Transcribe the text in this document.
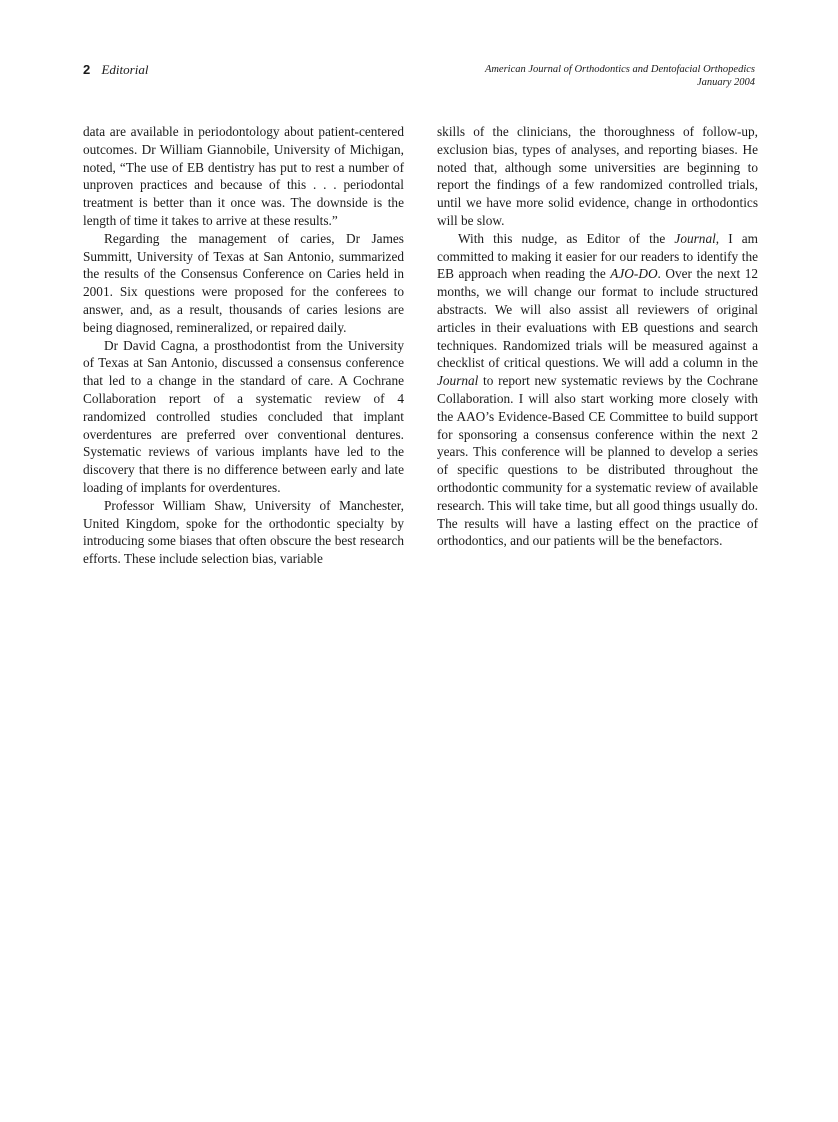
2 Editorial	American Journal of Orthodontics and Dentofacial Orthopedics
January 2004

data are available in periodontology about patient-centered outcomes. Dr William Giannobile, University of Michigan, noted, “The use of EB dentistry has put to rest a number of unproven practices and because of this . . . periodontal treatment is better than it once was. The downside is the length of time it takes to arrive at these results.”

Regarding the management of caries, Dr James Summitt, University of Texas at San Antonio, summarized the results of the Consensus Conference on Caries held in 2001. Six questions were proposed for the conferees to answer, and, as a result, thousands of caries lesions are being diagnosed, remineralized, or repaired daily.

Dr David Cagna, a prosthodontist from the University of Texas at San Antonio, discussed a consensus conference that led to a change in the standard of care. A Cochrane Collaboration report of a systematic review of 4 randomized controlled studies concluded that implant overdentures are preferred over conventional dentures. Systematic reviews of various implants have led to the discovery that there is no difference between early and late loading of implants for overdentures.

Professor William Shaw, University of Manchester, United Kingdom, spoke for the orthodontic specialty by introducing some biases that often obscure the best research efforts. These include selection bias, variable

skills of the clinicians, the thoroughness of follow-up, exclusion bias, types of analyses, and reporting biases. He noted that, although some universities are beginning to report the findings of a few randomized controlled trials, until we have more solid evidence, change in orthodontics will be slow.

With this nudge, as Editor of the Journal, I am committed to making it easier for our readers to identify the EB approach when reading the AJO-DO. Over the next 12 months, we will change our format to include structured abstracts. We will also assist all reviewers of original articles in their evaluations with EB questions and search techniques. Randomized trials will be measured against a checklist of critical questions. We will add a column in the Journal to report new systematic reviews by the Cochrane Collaboration. I will also start working more closely with the AAO’s Evidence-Based CE Committee to build support for sponsoring a consensus conference within the next 2 years. This conference will be planned to develop a series of specific questions to be distributed throughout the orthodontic community for a systematic review of available research. This will take time, but all good things usually do. The results will have a lasting effect on the practice of orthodontics, and our patients will be the benefactors.
